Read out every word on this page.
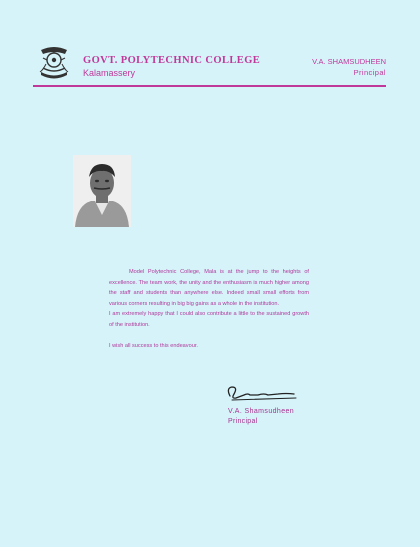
GOVT. POLYTECHNIC COLLEGE
Kalamassery
V.A. SHAMSUDHEEN
Principal

Model Polytechnic College, Mala is at the jump to the heights of excellence. The team work, the unity and the enthusiasm is much higher among the staff and students than anywhere else. Indeed small small efforts from various corners resulting in big big gains as a whole in the institution.

I am extremely happy that I could also contribute a little to the sustained growth of the institution.

I wish all success to this endeavour.

V.A. Shamsudheen
Principal
